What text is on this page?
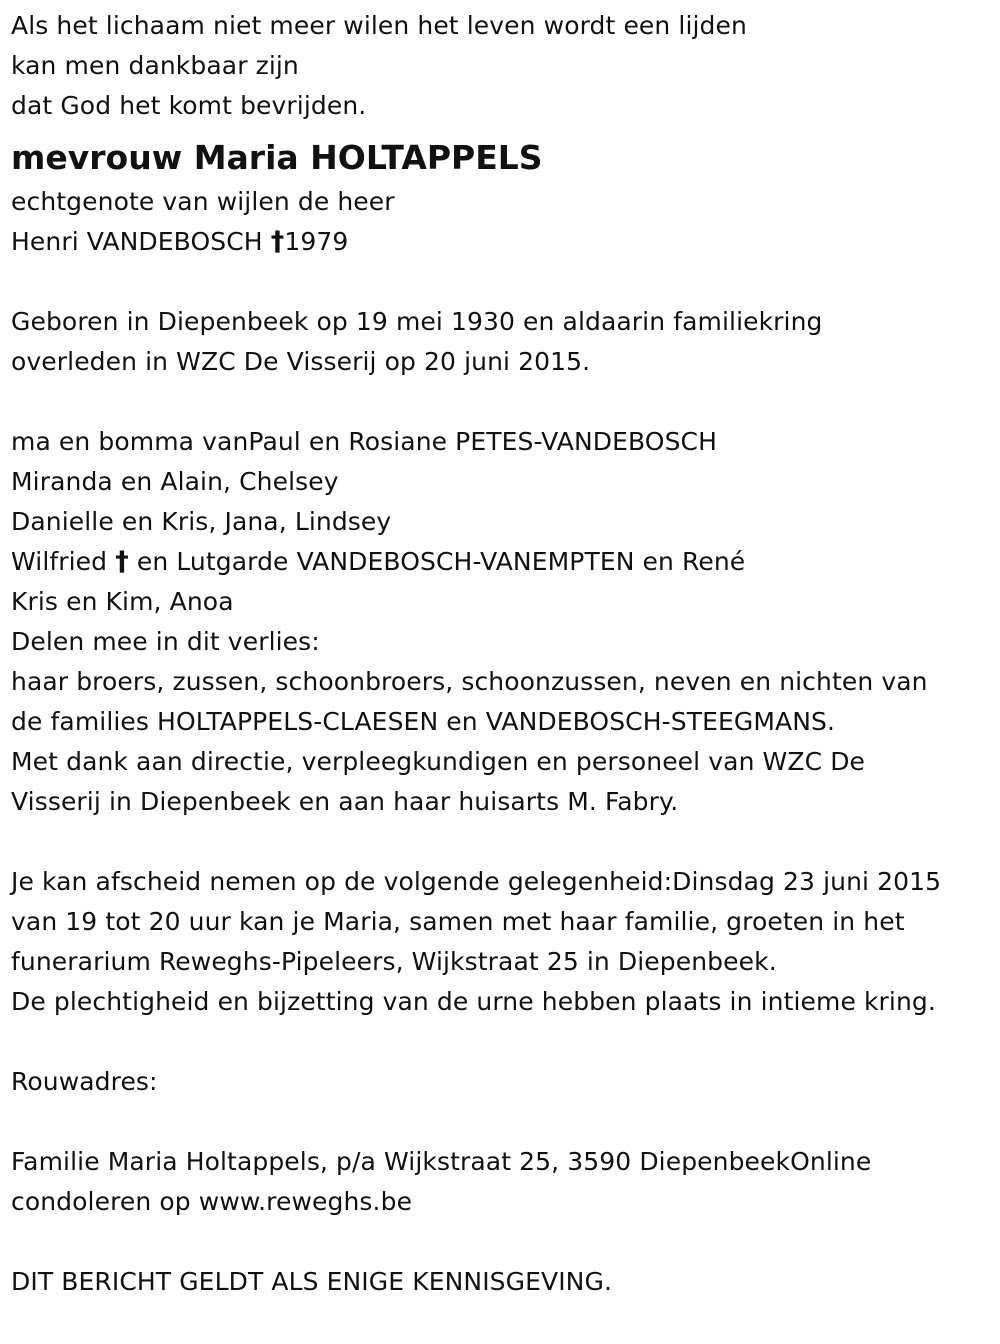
Als het lichaam niet meer wilen het leven wordt een lijden
kan men dankbaar zijn
dat God het komt bevrijden.
mevrouw Maria HOLTAPPELS
echtgenote van wijlen de heer
Henri VANDEBOSCH †1979
Geboren in Diepenbeek op 19 mei 1930 en aldaarin familiekring
overleden in WZC De Visserij op 20 juni 2015.
ma en bomma vanPaul en Rosiane PETES-VANDEBOSCH
Miranda en Alain, Chelsey
Danielle en Kris, Jana, Lindsey
Wilfried † en Lutgarde VANDEBOSCH-VANEMPTEN en René
Kris en Kim, Anoa
Delen mee in dit verlies:
haar broers, zussen, schoonbroers, schoonzussen, neven en nichten van
de families HOLTAPPELS-CLAESEN en VANDEBOSCH-STEEGMANS.
Met dank aan directie, verpleegkundigen en personeel van WZC De
Visserij in Diepenbeek en aan haar huisarts M. Fabry.
Je kan afscheid nemen op de volgende gelegenheid:Dinsdag 23 juni 2015
van 19 tot 20 uur kan je Maria, samen met haar familie, groeten in het
funerarium Reweghs-Pipeleers, Wijkstraat 25 in Diepenbeek.
De plechtigheid en bijzetting van de urne hebben plaats in intieme kring.
Rouwadres:
Familie Maria Holtappels, p/a Wijkstraat 25, 3590 DiepenbeekOnline
condoleren op www.reweghs.be
DIT BERICHT GELDT ALS ENIGE KENNISGEVING.
